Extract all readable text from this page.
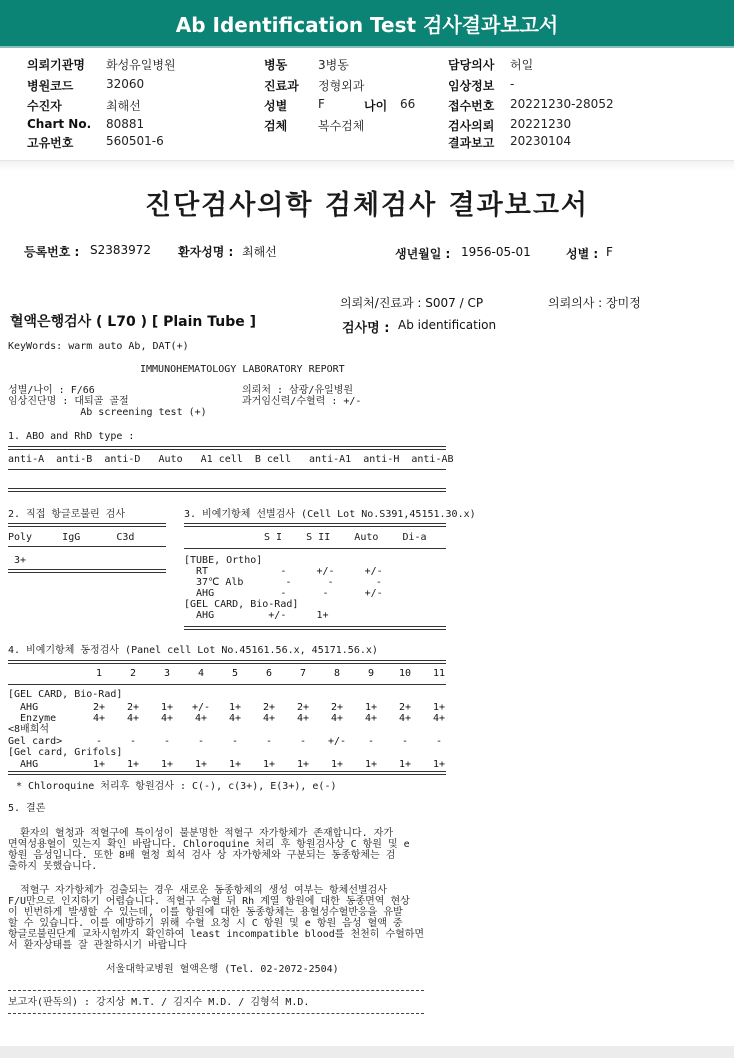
Ab Identification Test 검사결과보고서
의뢰기관명 화성유일병원
병원코드	32060
수진자	최해선
Chart No. 80881
고유번호	560501-6
병동	3병동
진료과 정형외과
성별	F	나이 66
검체	복수검체
담당의사 허일
임상정보 -
접수번호 20221230-28052
검사의뢰 20221230
결과보고 20230104
진단검사의학 검체검사 결과보고서
등록번호 : S2383972 환자성명 : 최해선	생년월일 : 1956-05-01	성별 : F
의뢰처/진료과 : S007 / CP	의뢰의사 : 장미정
혈액은행검사 ( L70 ) [ Plain Tube ]	검사명 : Ab identification
KeyWords: warm auto Ab, DAT(+)
IMMUNOHEMATOLOGY LABORATORY REPORT
성별/나이 : F/66
임상진단명 : 대퇴골 골절
Ab screening test (+)
의뢰처 : 삼광/유일병원
과거임신력/수혈력 : +/-
1. ABO and RhD type :
anti-A  anti-B  anti-D   Auto   A1 cell  B cell   anti-A1  anti-H  anti-AB
2. 직접 항글로불린 검사
Poly     IgG      C3d
3+
3. 비예기항체 선별검사 (Cell Lot No.S391,45151.30.x)
S I    S II    Auto    Di-a
[TUBE, Ortho]
RT            -     +/-     +/-
37℃ Alb       -      -       -
AHG           -      -      +/-
[GEL CARD, Bio-Rad]
AHG         +/-     1+
4. 비예기항체 동정검사 (Panel cell Lot No.45161.56.x, 45171.56.x)
1	2	3	4	5	6	7	8	9	10	11
[GEL CARD, Bio-Rad]
AHG	2+	2+	1+	+/-	1+	2+	2+	2+	1+	2+	1+
Enzyme	4+	4+	4+	4+	4+	4+	4+	4+	4+	4+	4+
<8배희석
Gel card>	-	-	-	-	-	-	-	+/-	-	-	-
[Gel card, Grifols]
AHG	1+	1+	1+	1+	1+	1+	1+	1+	1+	1+	1+
* Chloroquine 처리후 항원검사 : C(-), c(3+), E(3+), e(-)
5. 결론
환자의 혈청과 적혈구에 특이성이 불분명한 적혈구 자가항체가 존재합니다. 자가
면역성용혈이 있는지 확인 바랍니다. Chloroquine 처리 후 항원검사상 C 항원 및 e
항원 음성입니다. 또한 8배 혈청 희석 검사 상 자가항체와 구분되는 동종항체는 검
출하지 못했습니다.
적혈구 자가항체가 검출되는 경우 새로운 동종항체의 생성 여부는 항체선별검사
F/U만으로 인지하기 어렵습니다. 적혈구 수혈 뒤 Rh 계열 항원에 대한 동종면역 현상
이 빈번하게 발생할 수 있는데, 이를 항원에 대한 동종항체는 용혈성수혈반응을 유발
할 수 있습니다. 이를 예방하기 위해 수혈 요청 시 C 항원 및 e 항원 음성 혈액 중
항글로불린단계 교차시험까지 확인하여 least incompatible blood를 천천히 수혈하면
서 환자상태를 잘 관찰하시기 바랍니다
서울대학교병원 혈액은행 (Tel. 02-2072-2504)
보고자(판독의) : 강지상 M.T. / 김지수 M.D. / 김형석 M.D.
